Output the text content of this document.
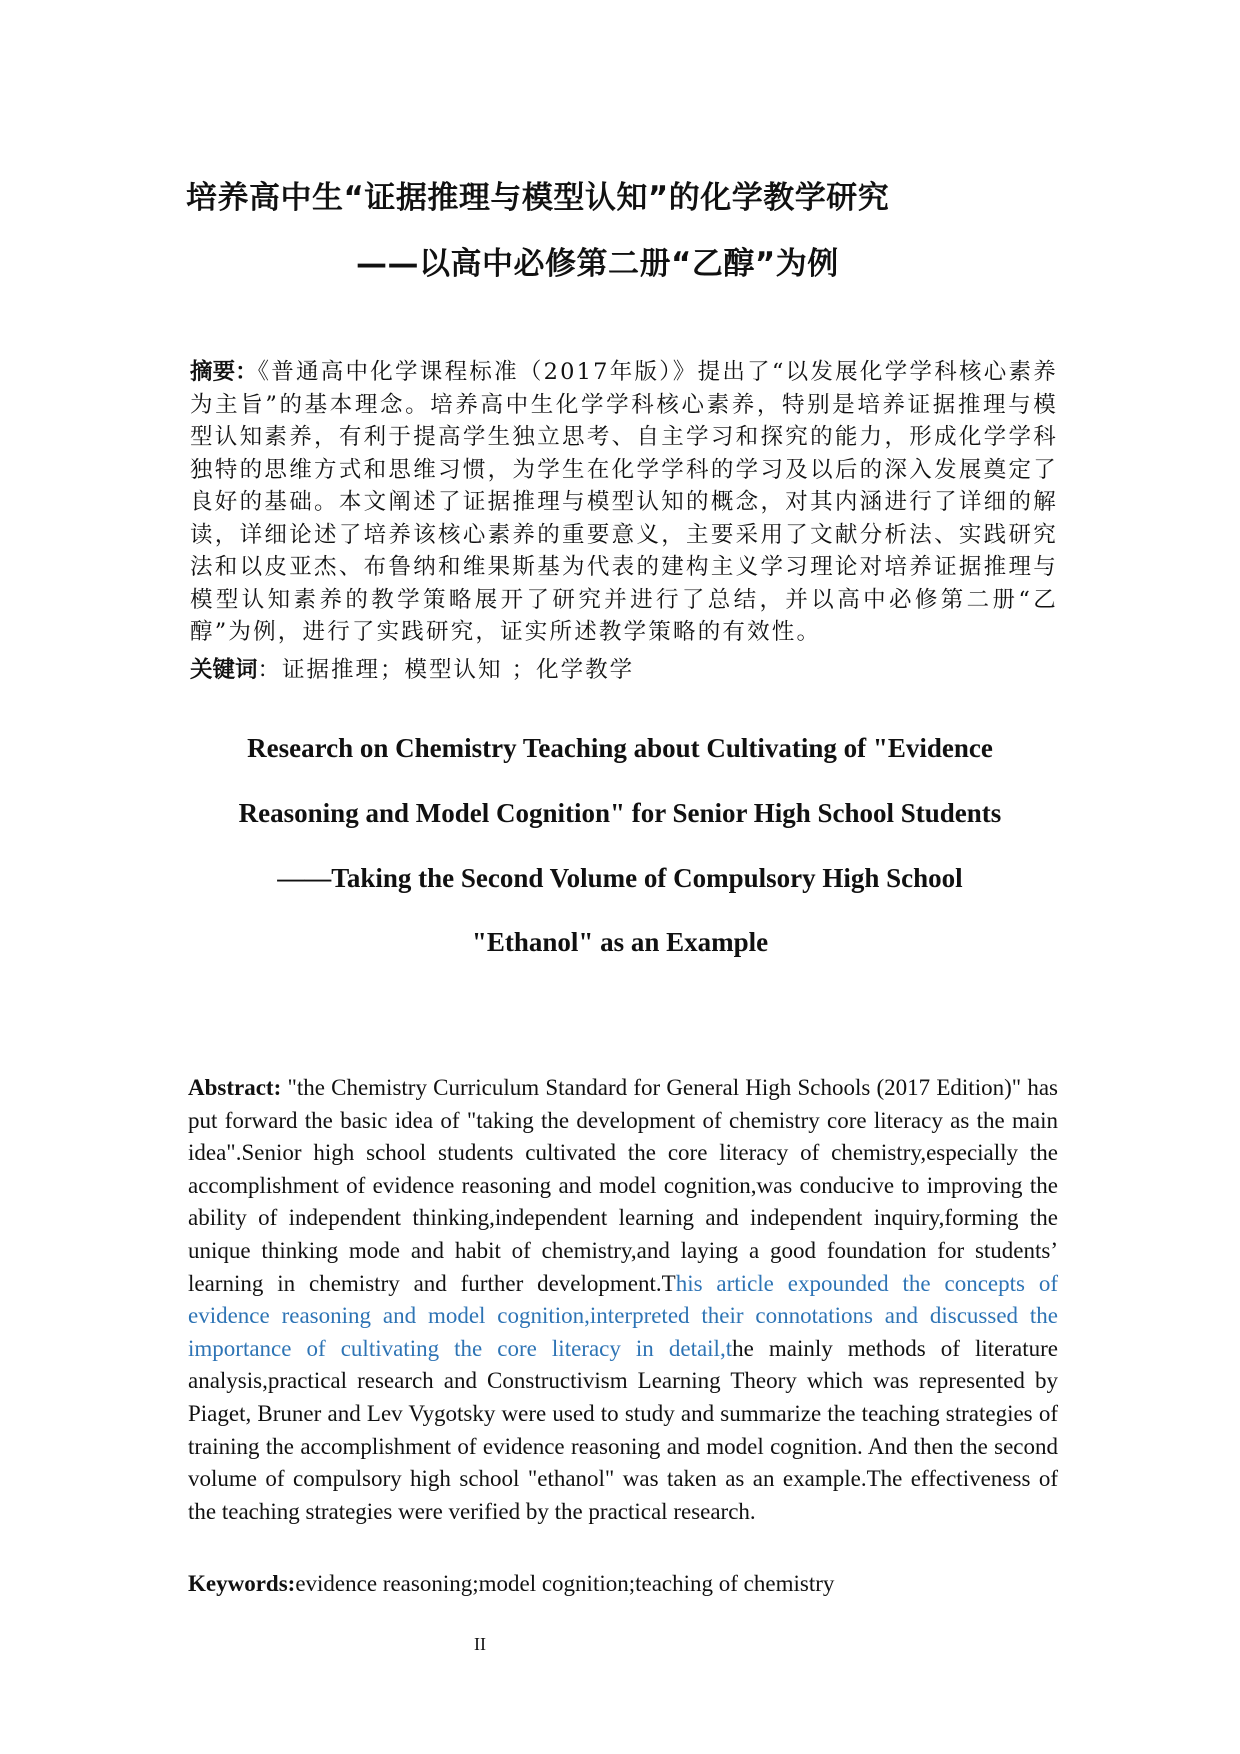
培养高中生“证据推理与模型认知”的化学教学研究
——以高中必修第二册“乙醇”为例
摘要：《普通高中化学课程标准（2017年版）》提出了“以发展化学学科核心素养为主旨”的基本理念。培养高中生化学学科核心素养，特别是培养证据推理与模型认知素养，有利于提高学生独立思考、自主学习和探究的能力，形成化学学科独特的思维方式和思维习惯，为学生在化学学科的学习及以后的深入发展奠定了良好的基础。本文阐述了证据推理与模型认知的概念，对其内涵进行了详细的解读，详细论述了培养该核心素养的重要意义，主要采用了文献分析法、实践研究法和以皮亚杰、布鲁纳和维果斯基为代表的建构主义学习理论对培养证据推理与模型认知素养的教学策略展开了研究并进行了总结，并以高中必修第二册“乙醇”为例，进行了实践研究，证实所述教学策略的有效性。
关键词：证据推理；模型认知 ；化学教学
Research on Chemistry Teaching about Cultivating of "Evidence
Reasoning and Model Cognition" for Senior High School Students
——Taking the Second Volume of Compulsory High School
"Ethanol" as an Example
Abstract: "the Chemistry Curriculum Standard for General High Schools (2017 Edition)" has put forward the basic idea of "taking the development of chemistry core literacy as the main idea".Senior high school students cultivated the core literacy of chemistry,especially the accomplishment of evidence reasoning and model cognition,was conducive to improving the ability of independent thinking,independent learning and independent inquiry,forming the unique thinking mode and habit of chemistry,and laying a good foundation for students’ learning in chemistry and further development.This article expounded the concepts of evidence reasoning and model cognition,interpreted their connotations and discussed the importance of cultivating the core literacy in detail,the mainly methods of literature analysis,practical research and Constructivism Learning Theory which was represented by Piaget, Bruner and Lev Vygotsky were used to study and summarize the teaching strategies of training the accomplishment of evidence reasoning and model cognition. And then the second volume of compulsory high school "ethanol" was taken as an example.The effectiveness of the teaching strategies were verified by the practical research.
Keywords:evidence reasoning;model cognition;teaching of chemistry
II
